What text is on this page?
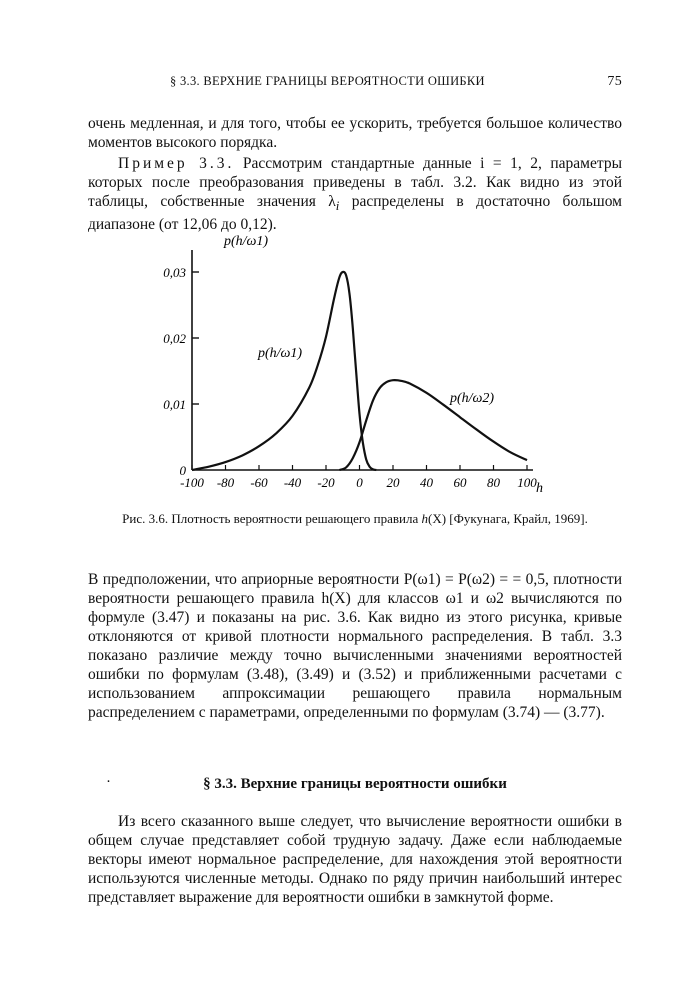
§ 3.3. ВЕРХНИЕ ГРАНИЦЫ ВЕРОЯТНОСТИ ОШИБКИ	75

очень медленная, и для того, чтобы ее ускорить, требуется большое количество моментов высокого порядка.

Пример 3.3. Рассмотрим стандартные данные i = 1, 2, параметры которых после преобразования приведены в табл. 3.2. Как видно из этой таблицы, собственные значения $\lambda_i$ распределены в достаточно большом диапазоне (от 12,06 до 0,12).

p(h/ω1)
0
0,01
0,02
0,03
-100 -80 -60 -40 -20 0 20 40 60 80 100
p(h/ω1)
p(h/ω2)
h
Рис. 3.6. Плотность вероятности решающего правила h(X) [Фукунага, Крайл, 1969].

В предположении, что априорные вероятности P(ω1) = P(ω2) = = 0,5, плотности вероятности решающего правила h(X) для классов ω1 и ω2 вычисляются по формуле (3.47) и показаны на рис. 3.6. Как видно из этого рисунка, кривые отклоняются от кривой плотности нормального распределения. В табл. 3.3 показано различие между точно вычисленными значениями вероятностей ошибки по формулам (3.48), (3.49) и (3.52) и приближенными расчетами с использованием аппроксимации решающего правила нормальным распределением с параметрами, определенными по формулам (3.74) — (3.77).

·	§ 3.3. Верхние границы вероятности ошибки

Из всего сказанного выше следует, что вычисление вероятности ошибки в общем случае представляет собой трудную задачу. Даже если наблюдаемые векторы имеют нормальное распределение, для нахождения этой вероятности используются численные методы. Однако по ряду причин наибольший интерес представляет выражение для вероятности ошибки в замкнутой форме.
